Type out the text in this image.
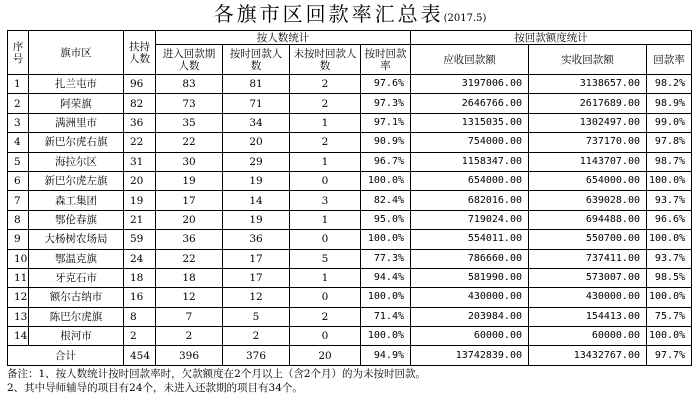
各旗市区回款率汇总表(2017.5)
序号	旗市区	扶持人数	按人数统计				按回款额度统计		
			进入回款期人数	按时回款人数	未按时回款人数	按时回款率	应收回款额	实收回款额	回款率
1	扎兰屯市	96	83	81	2	97.6%	3197006.00	3138657.00	98.2%
2	阿荣旗	82	73	71	2	97.3%	2646766.00	2617689.00	98.9%
3	满洲里市	36	35	34	1	97.1%	1315035.00	1302497.00	99.0%
4	新巴尔虎右旗	22	22	20	2	90.9%	754000.00	737170.00	97.8%
5	海拉尔区	31	30	29	1	96.7%	1158347.00	1143707.00	98.7%
6	新巴尔虎左旗	20	19	19	0	100.0%	654000.00	654000.00	100.0%
7	森工集团	19	17	14	3	82.4%	682016.00	639028.00	93.7%
8	鄂伦春旗	21	20	19	1	95.0%	719024.00	694488.00	96.6%
9	大杨树农场局	59	36	36	0	100.0%	554011.00	550700.00	100.0%
10	鄂温克旗	24	22	17	5	77.3%	786660.00	737411.00	93.7%
11	牙克石市	18	18	17	1	94.4%	581990.00	573007.00	98.5%
12	额尔古纳市	16	12	12	0	100.0%	430000.00	430000.00	100.0%
13	陈巴尔虎旗	8	7	5	2	71.4%	203984.00	154413.00	75.7%
14	根河市	2	2	2	0	100.0%	60000.00	60000.00	100.0%
合计		454	396	376	20	94.9%	13742839.00	13432767.00	97.7%
备注：1、按人数统计按时回款率时，欠款额度在2个月以上（含2个月）的为未按时回款。
2、其中导师辅导的项目有24个，未进入还款期的项目有34个。
